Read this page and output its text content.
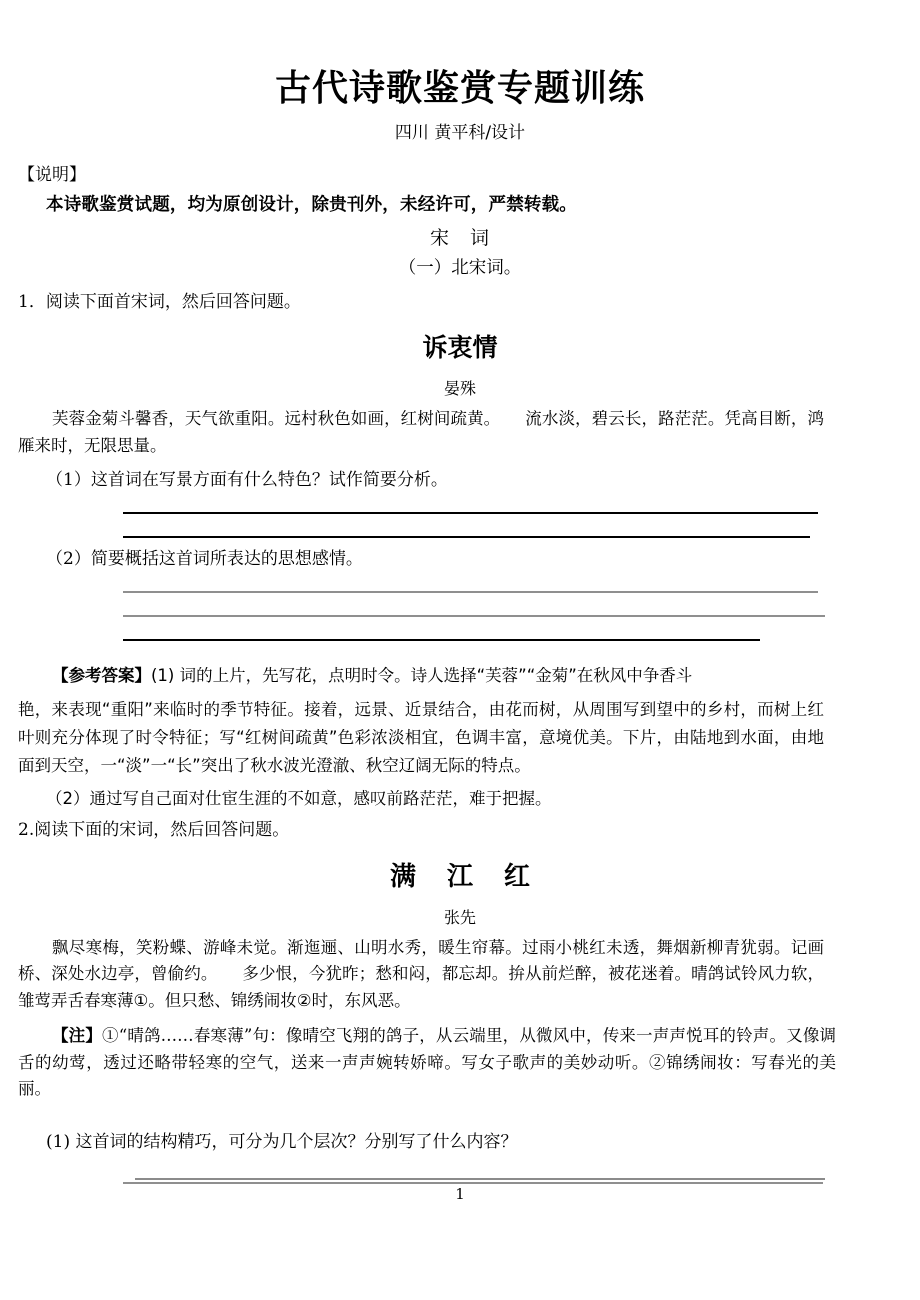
古代诗歌鉴赏专题训练

四川 黄平科/设计

【说明】

本诗歌鉴赏试题，均为原创设计，除贵刊外，未经许可，严禁转载。

宋　词

（一）北宋词。

1．阅读下面首宋词，然后回答问题。

诉衷情

晏殊

芙蓉金菊斗馨香，天气欲重阳。远村秋色如画，红树间疏黄。　　流水淡，碧云长，路茫茫。凭高目断，鸿雁来时，无限思量。

（1）这首词在写景方面有什么特色？试作简要分析。

（2）简要概括这首词所表达的思想感情。

【参考答案】(1) 词的上片，先写花，点明时令。诗人选择“芙蓉”“金菊”在秋风中争香斗

艳，来表现“重阳”来临时的季节特征。接着，远景、近景结合，由花而树，从周围写到望中的乡村，而树上红叶则充分体现了时令特征；写“红树间疏黄”色彩浓淡相宜，色调丰富，意境优美。下片，由陆地到水面，由地面到天空，一“淡”一“长”突出了秋水波光澄澈、秋空辽阔无际的特点。

（2）通过写自己面对仕宦生涯的不如意，感叹前路茫茫，难于把握。

2.阅读下面的宋词，然后回答问题。

满 江 红

张先

飘尽寒梅，笑粉蝶、游峰未觉。渐迤逦、山明水秀，暖生帘幕。过雨小桃红未透，舞烟新柳青犹弱。记画桥、深处水边亭，曾偷约。　　多少恨，今犹昨；愁和闷，都忘却。拚从前烂醉，被花迷着。晴鸽试铃风力软，雏莺弄舌春寒薄①。但只愁、锦绣闹妆②时，东风恶。

【注】①“晴鸽……春寒薄”句：像晴空飞翔的鸽子，从云端里，从微风中，传来一声声悦耳的铃声。又像调舌的幼莺，透过还略带轻寒的空气，送来一声声婉转娇啼。写女子歌声的美妙动听。②锦绣闹妆：写春光的美丽。

(1) 这首词的结构精巧，可分为几个层次？分别写了什么内容？

1
